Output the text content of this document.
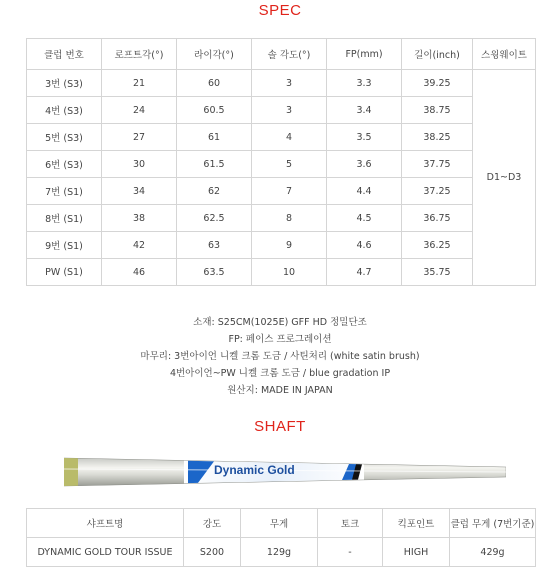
SPEC
클럽 번호	로프트각(°)	라이각(°)	솔 각도(°)	FP(mm)	길이(inch)	스윙웨이트
3번 (S3)	21	60	3	3.3	39.25	D1~D3
4번 (S3)	24	60.5	3	3.4	38.75	
5번 (S3)	27	61	4	3.5	38.25	
6번 (S3)	30	61.5	5	3.6	37.75	
7번 (S1)	34	62	7	4.4	37.25	
8번 (S1)	38	62.5	8	4.5	36.75	
9번 (S1)	42	63	9	4.6	36.25	
PW (S1)	46	63.5	10	4.7	35.75	
소재: S25CM(1025E) GFF HD 정밀단조
FP: 페이스 프로그레이션
마무리: 3번아이언 니켈 크롬 도금 / 사틴처리 (white satin brush)
4번아이언~PW 니켈 크롬 도금 / blue gradation IP
원산지: MADE IN JAPAN
SHAFT
Dynamic Gold
샤프트명	강도	무게	토크	킥포인트	클럽 무게 (7번기준)
DYNAMIC GOLD TOUR ISSUE	S200	129g	-	HIGH	429g
